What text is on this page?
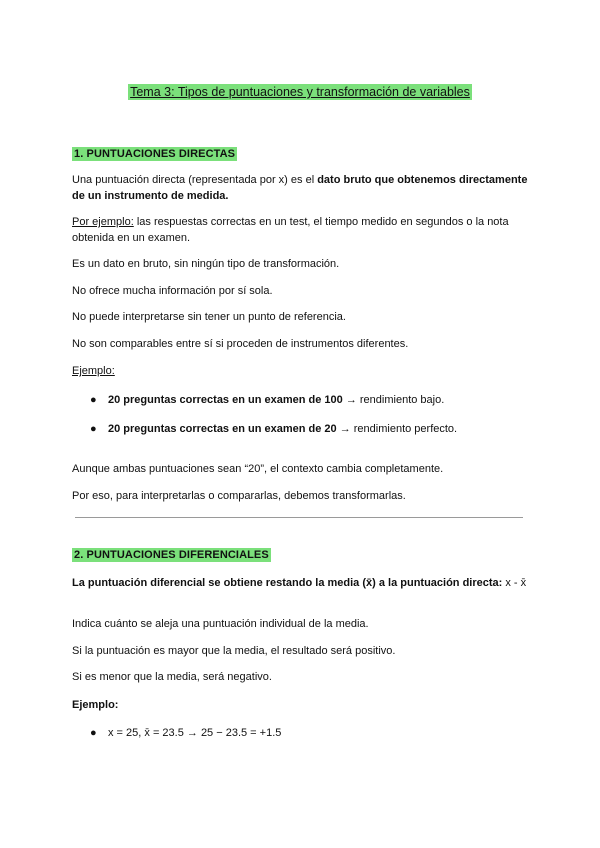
Tema 3: Tipos de puntuaciones y transformación de variables
1. PUNTUACIONES DIRECTAS
Una puntuación directa (representada por x) es el dato bruto que obtenemos directamente de un instrumento de medida.
Por ejemplo: las respuestas correctas en un test, el tiempo medido en segundos o la nota obtenida en un examen.
Es un dato en bruto, sin ningún tipo de transformación.
No ofrece mucha información por sí sola.
No puede interpretarse sin tener un punto de referencia.
No son comparables entre sí si proceden de instrumentos diferentes.
Ejemplo:
● 20 preguntas correctas en un examen de 100 → rendimiento bajo.
● 20 preguntas correctas en un examen de 20 → rendimiento perfecto.
Aunque ambas puntuaciones sean “20”, el contexto cambia completamente.
Por eso, para interpretarlas o compararlas, debemos transformarlas.
2. PUNTUACIONES DIFERENCIALES
La puntuación diferencial se obtiene restando la media (x̄) a la puntuación directa: x - x̄
Indica cuánto se aleja una puntuación individual de la media.
Si la puntuación es mayor que la media, el resultado será positivo.
Si es menor que la media, será negativo.
Ejemplo:
● x = 25, x̄ = 23.5 → 25 − 23.5 = +1.5
